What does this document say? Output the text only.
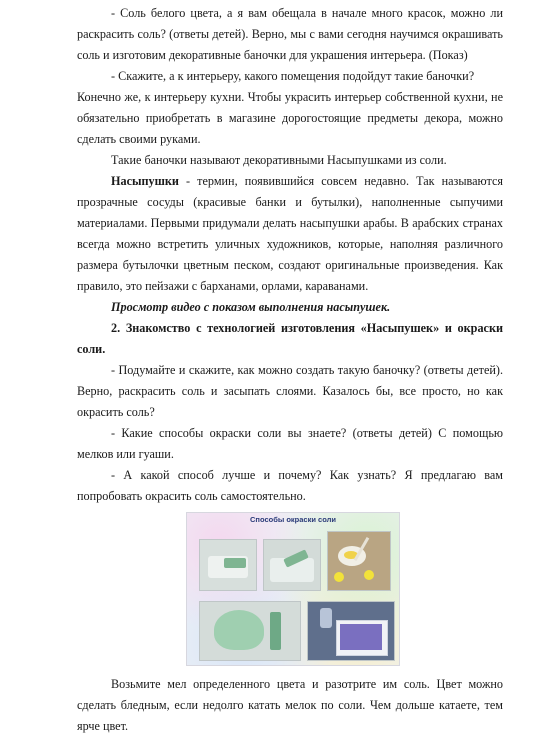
- Соль белого цвета, а я вам обещала в начале много красок, можно ли раскрасить соль? (ответы детей). Верно, мы с вами сегодня научимся окрашивать соль и изготовим декоративные баночки для украшения интерьера. (Показ)

- Скажите, а к интерьеру, какого помещения подойдут такие баночки?

Конечно же, к интерьеру кухни. Чтобы украсить интерьер собственной кухни, не обязательно приобретать в магазине дорогостоящие предметы декора, можно сделать своими руками.

Такие баночки называют декоративными Насыпушками из соли.

Насыпушки - термин, появившийся совсем недавно. Так называются прозрачные сосуды (красивые банки и бутылки), наполненные сыпучими материалами. Первыми придумали делать насыпушки арабы. В арабских странах всегда можно встретить уличных художников, которые, наполняя различного размера бутылочки цветным песком, создают оригинальные произведения. Как правило, это пейзажи с барханами, орлами, караванами.

Просмотр видео с показом выполнения насыпушек.

2. Знакомство с технологией изготовления «Насыпушек» и окраски соли.

- Подумайте и скажите, как можно создать такую баночку? (ответы детей). Верно, раскрасить соль и засыпать слоями. Казалось бы, все просто, но как окрасить соль?

- Какие способы окраски соли вы знаете? (ответы детей) С помощью мелков или гуаши.

- А какой способ лучше и почему? Как узнать? Я предлагаю вам попробовать окрасить соль самостоятельно.

Способы окраски соли

Возьмите мел определенного цвета и разотрите им соль. Цвет можно сделать бледным, если недолго катать мелок по соли. Чем дольше катаете, тем ярче цвет.
